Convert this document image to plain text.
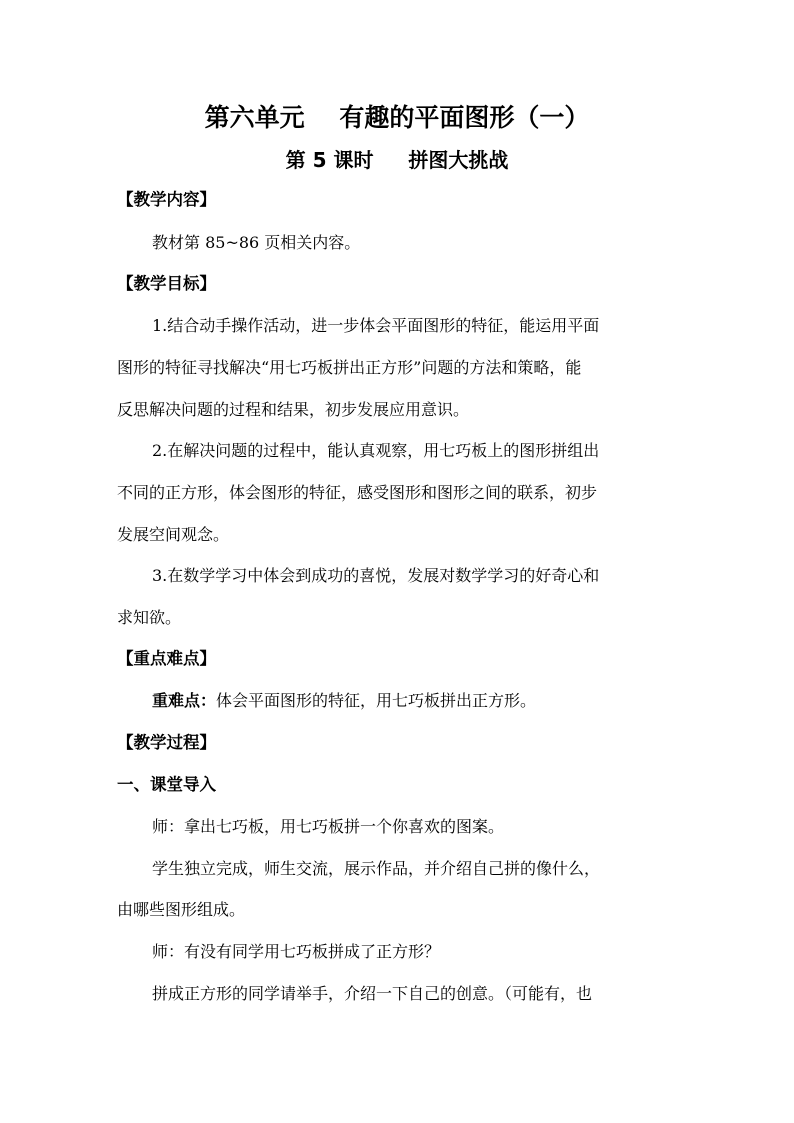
第六单元    有趣的平面图形（一）
第 5 课时     拼图大挑战
【教学内容】
教材第 85~86 页相关内容。
【教学目标】
1.结合动手操作活动，进一步体会平面图形的特征，能运用平面
图形的特征寻找解决“用七巧板拼出正方形”问题的方法和策略，能
反思解决问题的过程和结果，初步发展应用意识。
2.在解决问题的过程中，能认真观察，用七巧板上的图形拼组出
不同的正方形，体会图形的特征，感受图形和图形之间的联系，初步
发展空间观念。
3.在数学学习中体会到成功的喜悦，发展对数学学习的好奇心和
求知欲。
【重点难点】
重难点：体会平面图形的特征，用七巧板拼出正方形。
【教学过程】
一、课堂导入
师：拿出七巧板，用七巧板拼一个你喜欢的图案。
学生独立完成，师生交流，展示作品，并介绍自己拼的像什么，
由哪些图形组成。
师：有没有同学用七巧板拼成了正方形？
拼成正方形的同学请举手，介绍一下自己的创意。（可能有，也
